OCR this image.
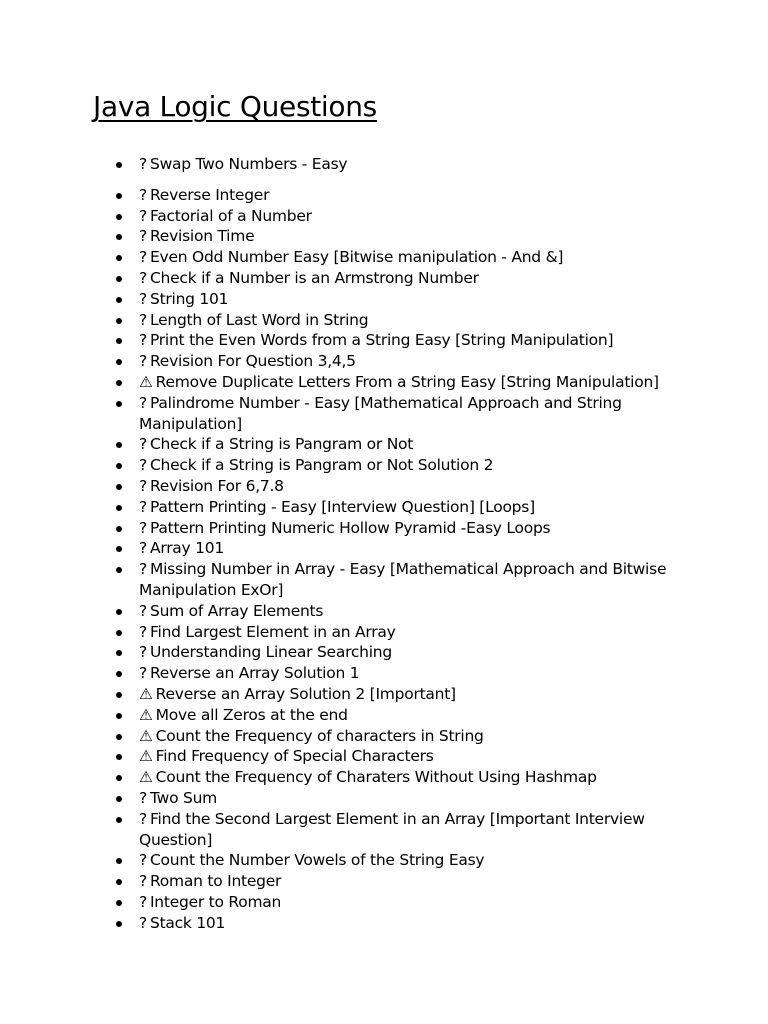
Java Logic Questions
? Swap Two Numbers - Easy
? Reverse Integer
? Factorial of a Number
? Revision Time
? Even Odd Number Easy [Bitwise manipulation - And &]
? Check if a Number is an Armstrong Number
? String 101
? Length of Last Word in String
? Print the Even Words from a String Easy [String Manipulation]
? Revision For Question 3,4,5
⚠ Remove Duplicate Letters From a String Easy [String Manipulation]
? Palindrome Number - Easy [Mathematical Approach and String Manipulation]
? Check if a String is Pangram or Not
? Check if a String is Pangram or Not Solution 2
? Revision For 6,7.8
? Pattern Printing - Easy [Interview Question] [Loops]
? Pattern Printing Numeric Hollow Pyramid -Easy Loops
? Array 101
? Missing Number in Array - Easy [Mathematical Approach and Bitwise Manipulation ExOr]
? Sum of Array Elements
? Find Largest Element in an Array
? Understanding Linear Searching
? Reverse an Array Solution 1
⚠ Reverse an Array Solution 2 [Important]
⚠ Move all Zeros at the end
⚠ Count the Frequency of characters in String
⚠ Find Frequency of Special Characters
⚠ Count the Frequency of Charaters Without Using Hashmap
? Two Sum
? Find the Second Largest Element in an Array [Important Interview Question]
? Count the Number Vowels of the String Easy
? Roman to Integer
? Integer to Roman
? Stack 101
